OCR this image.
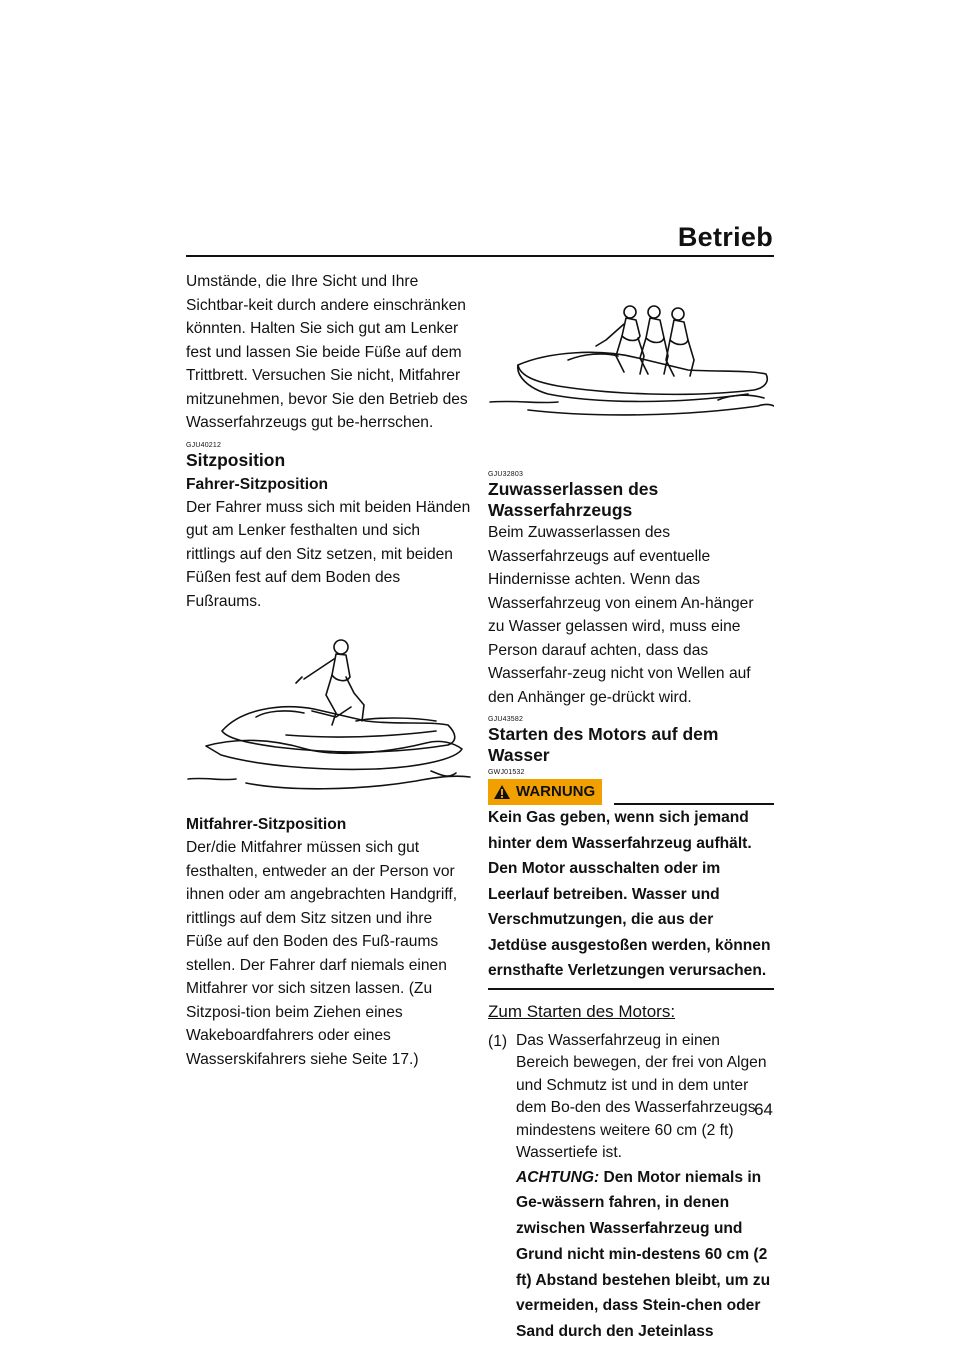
Betrieb

Umstände, die Ihre Sicht und Ihre Sichtbar-keit durch andere einschränken könnten. Halten Sie sich gut am Lenker fest und lassen Sie beide Füße auf dem Trittbrett. Versuchen Sie nicht, Mitfahrer mitzunehmen, bevor Sie den Betrieb des Wasserfahrzeugs gut be-herrschen.

GJU40212

Sitzposition
Fahrer-Sitzposition

Der Fahrer muss sich mit beiden Händen gut am Lenker festhalten und sich rittlings auf den Sitz setzen, mit beiden Füßen fest auf dem Boden des Fußraums.

Mitfahrer-Sitzposition

Der/die Mitfahrer müssen sich gut festhalten, entweder an der Person vor ihnen oder am angebrachten Handgriff, rittlings auf dem Sitz sitzen und ihre Füße auf den Boden des Fuß-raums stellen. Der Fahrer darf niemals einen Mitfahrer vor sich sitzen lassen. (Zu Sitzposi-tion beim Ziehen eines Wakeboardfahrers oder eines Wasserskifahrers siehe Seite 17.)

GJU32803

Zuwasserlassen des Wasserfahrzeugs

Beim Zuwasserlassen des Wasserfahrzeugs auf eventuelle Hindernisse achten. Wenn das Wasserfahrzeug von einem An-hänger zu Wasser gelassen wird, muss eine Person darauf achten, dass das Wasserfahr-zeug nicht von Wellen auf den Anhänger ge-drückt wird.

GJU43582

Starten des Motors auf dem Wasser

GWJ01532

WARNUNG

Kein Gas geben, wenn sich jemand hinter dem Wasserfahrzeug aufhält. Den Motor ausschalten oder im Leerlauf betreiben. Wasser und Verschmutzungen, die aus der Jetdüse ausgestoßen werden, können ernsthafte Verletzungen verursachen.

Zum Starten des Motors:
(1) Das Wasserfahrzeug in einen Bereich bewegen, der frei von Algen und Schmutz ist und in dem unter dem Bo-den des Wasserfahrzeugs mindestens weitere 60 cm (2 ft) Wassertiefe ist.
ACHTUNG: Den Motor niemals in Ge-wässern fahren, in denen zwischen Wasserfahrzeug und Grund nicht min-destens 60 cm (2 ft) Abstand bestehen bleibt, um zu vermeiden, dass Stein-chen oder Sand durch den Jeteinlass
64
